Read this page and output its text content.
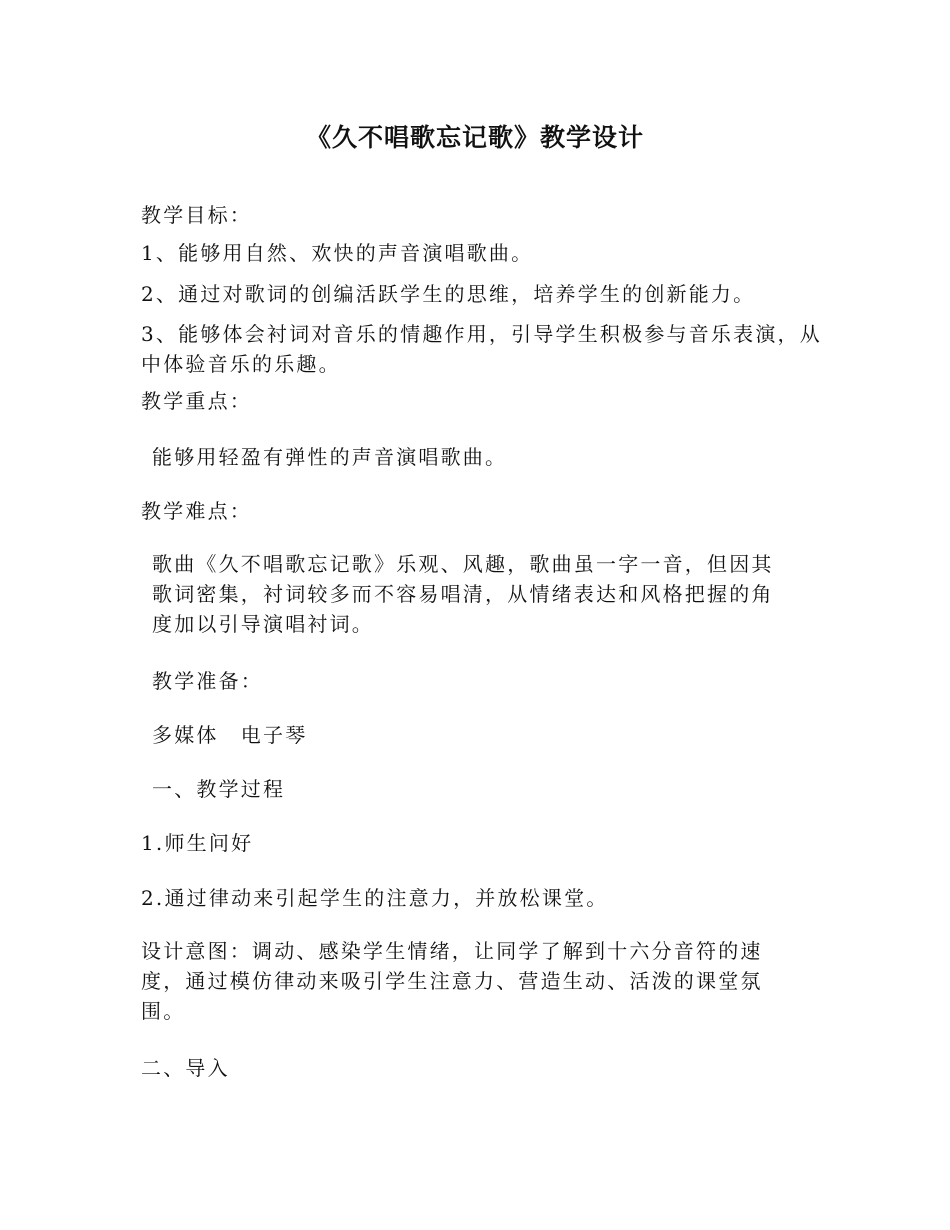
《久不唱歌忘记歌》教学设计
教学目标：
1、能够用自然、欢快的声音演唱歌曲。
2、通过对歌词的创编活跃学生的思维，培养学生的创新能力。
3、能够体会衬词对音乐的情趣作用，引导学生积极参与音乐表演，从中体验音乐的乐趣。
教学重点：
能够用轻盈有弹性的声音演唱歌曲。
教学难点：
歌曲《久不唱歌忘记歌》乐观、风趣，歌曲虽一字一音，但因其歌词密集，衬词较多而不容易唱清，从情绪表达和风格把握的角度加以引导演唱衬词。
教学准备：
多媒体　电子琴
一、教学过程
1.师生问好
2.通过律动来引起学生的注意力，并放松课堂。
设计意图：调动、感染学生情绪，让同学了解到十六分音符的速度，通过模仿律动来吸引学生注意力、营造生动、活泼的课堂氛围。
二、导入
